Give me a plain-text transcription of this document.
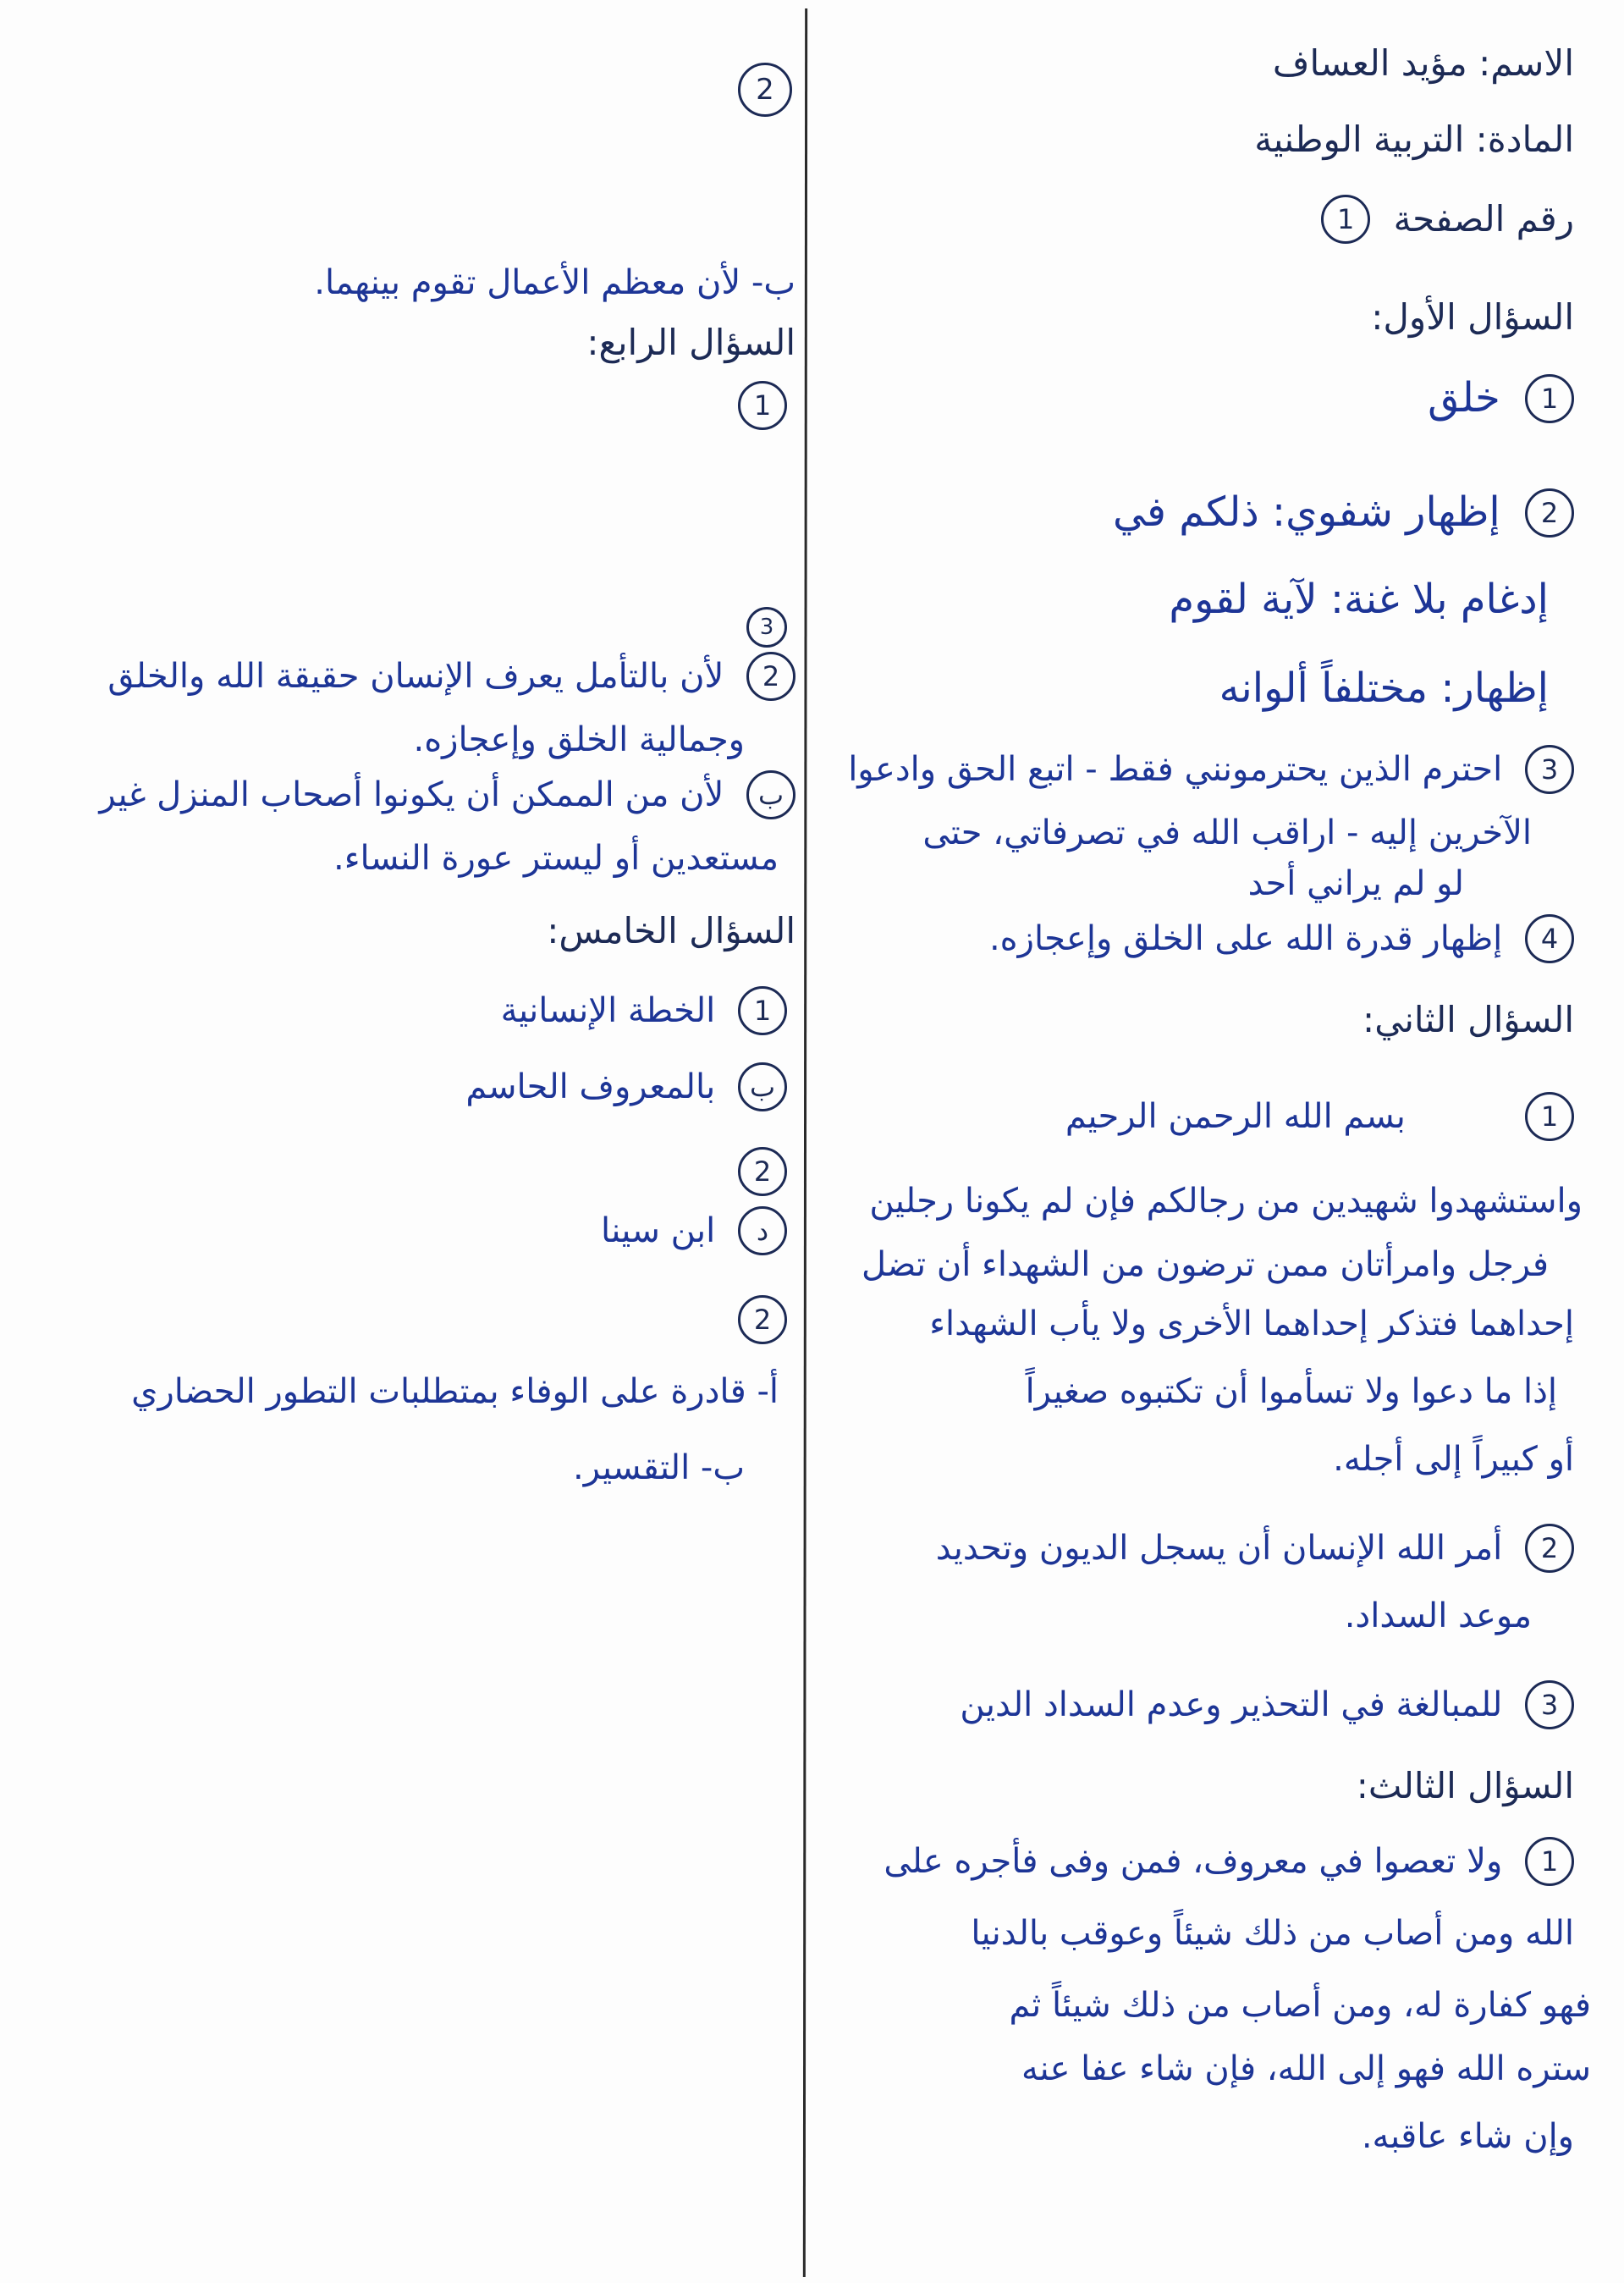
2
الاسم: مؤيد العساف
المادة: التربية الوطنية
رقم الصفحة 1
السؤال الأول:
1 خلق
2 إظهار شفوي: ذلكم في
إدغام بلا غنة: لآية لقوم
إظهار: مختلفاً ألوانه
3 احترم الذين يحترمونني فقط - اتبع الحق وادعوا
الآخرين إليه - اراقب الله في تصرفاتي، حتى
لو لم يراني أحد
4 إظهار قدرة الله على الخلق وإعجازه.
السؤال الثاني:
1          بسم الله الرحمن الرحيم
واستشهدوا شهيدين من رجالكم فإن لم يكونا رجلين
فرجل وامرأتان ممن ترضون من الشهداء أن تضل
إحداهما فتذكر إحداهما الأخرى ولا يأب الشهداء
إذا ما دعوا ولا تسأموا أن تكتبوه صغيراً
أو كبيراً إلى أجله.
2 أمر الله الإنسان أن يسجل الديون وتحديد
موعد السداد.
3 للمبالغة في التحذير وعدم السداد الدين
السؤال الثالث:
1 ولا تعصوا في معروف، فمن وفى فأجره على
الله ومن أصاب من ذلك شيئاً وعوقب بالدنيا
فهو كفارة له، ومن أصاب من ذلك شيئاً ثم
ستره الله فهو إلى الله، فإن شاء عفا عنه
وإن شاء عاقبه.
ب- لأن معظم الأعمال تقوم بينهما.
السؤال الرابع:
1
3
2 لأن بالتأمل يعرف الإنسان حقيقة الله والخلق
وجمالية الخلق وإعجازه.
ب لأن من الممكن أن يكونوا أصحاب المنزل غير
مستعدين أو ليستر عورة النساء.
السؤال الخامس:
1 الخطة الإنسانية
ب بالمعروف الحاسم
2
د ابن سينا
2
أ- قادرة على الوفاء بمتطلبات التطور الحضاري
ب- التقسير.
